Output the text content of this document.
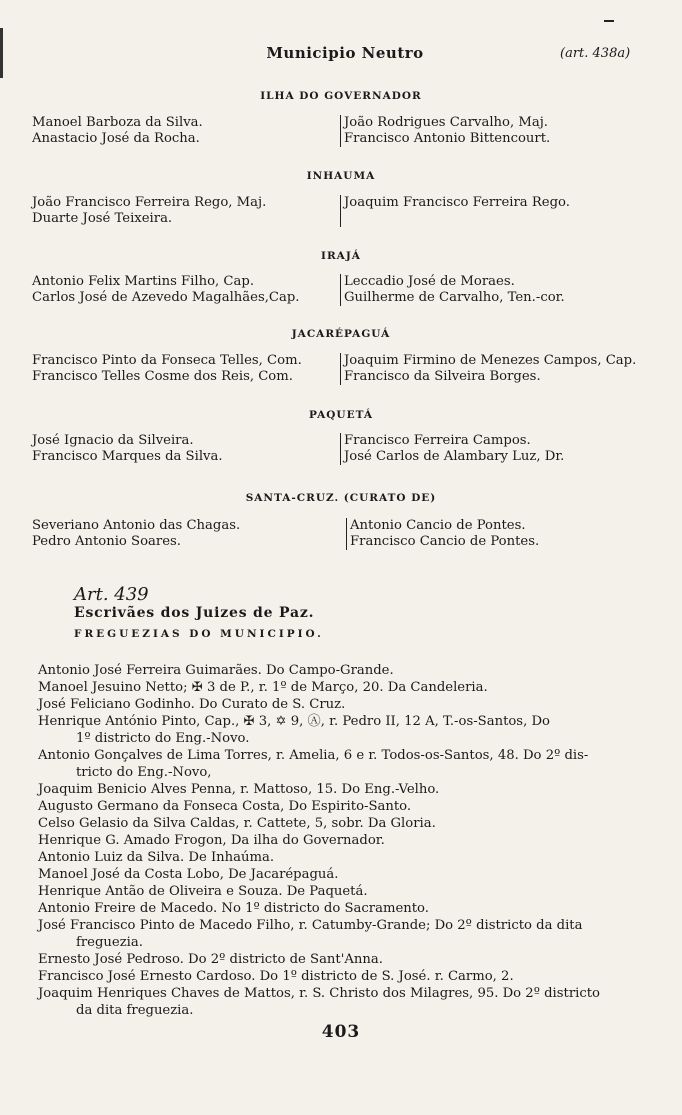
Municipio Neutro	(art. 438a)
ILHA DO GOVERNADOR
Manoel Barboza da Silva.
Anastacio José da Rocha.
João Rodrigues Carvalho, Maj.
Francisco Antonio Bittencourt.
INHAUMA
João Francisco Ferreira Rego, Maj.
Duarte José Teixeira.
Joaquim Francisco Ferreira Rego.
IRAJÁ
Antonio Felix Martins Filho, Cap.
Carlos José de Azevedo Magalhães,Cap.
Leccadio José de Moraes.
Guilherme de Carvalho, Ten.-cor.
JACARÉPAGUÁ
Francisco Pinto da Fonseca Telles, Com.
Francisco Telles Cosme dos Reis, Com.
Joaquim Firmino de Menezes Campos, Cap.
Francisco da Silveira Borges.
PAQUETÁ
José Ignacio da Silveira.
Francisco Marques da Silva.
Francisco Ferreira Campos.
José Carlos de Alambary Luz, Dr.
SANTA-CRUZ. (CURATO DE)
Severiano Antonio das Chagas.
Pedro Antonio Soares.
Antonio Cancio de Pontes.
Francisco Cancio de Pontes.
Art. 439
Escrivães dos Juizes de Paz.
FREGUEZIAS DO MUNICIPIO.
Antonio José Ferreira Guimarães. Do Campo-Grande.
Manoel Jesuino Netto; ✠ 3 de P., r. 1º de Março, 20. Da Candeleria.
José Feliciano Godinho. Do Curato de S. Cruz.
Henrique António Pinto, Cap., ✠ 3, ✡ 9, Ⓐ, r. Pedro II, 12 A, T.-os-Santos, Do
1º districto do Eng.-Novo.
Antonio Gonçalves de Lima Torres, r. Amelia, 6 e r. Todos-os-Santos, 48. Do 2º dis-
tricto do Eng.-Novo,
Joaquim Benicio Alves Penna, r. Mattoso, 15. Do Eng.-Velho.
Augusto Germano da Fonseca Costa, Do Espirito-Santo.
Celso Gelasio da Silva Caldas, r. Cattete, 5, sobr. Da Gloria.
Henrique G. Amado Frogon, Da ilha do Governador.
Antonio Luiz da Silva. De Inhaúma.
Manoel José da Costa Lobo, De Jacarépaguá.
Henrique Antão de Oliveira e Souza. De Paquetá.
Antonio Freire de Macedo. No 1º districto do Sacramento.
José Francisco Pinto de Macedo Filho, r. Catumby-Grande; Do 2º districto da dita
freguezia.
Ernesto José Pedroso. Do 2º districto de Sant'Anna.
Francisco José Ernesto Cardoso. Do 1º districto de S. José. r. Carmo, 2.
Joaquim Henriques Chaves de Mattos, r. S. Christo dos Milagres, 95. Do 2º districto
da dita freguezia.
403
